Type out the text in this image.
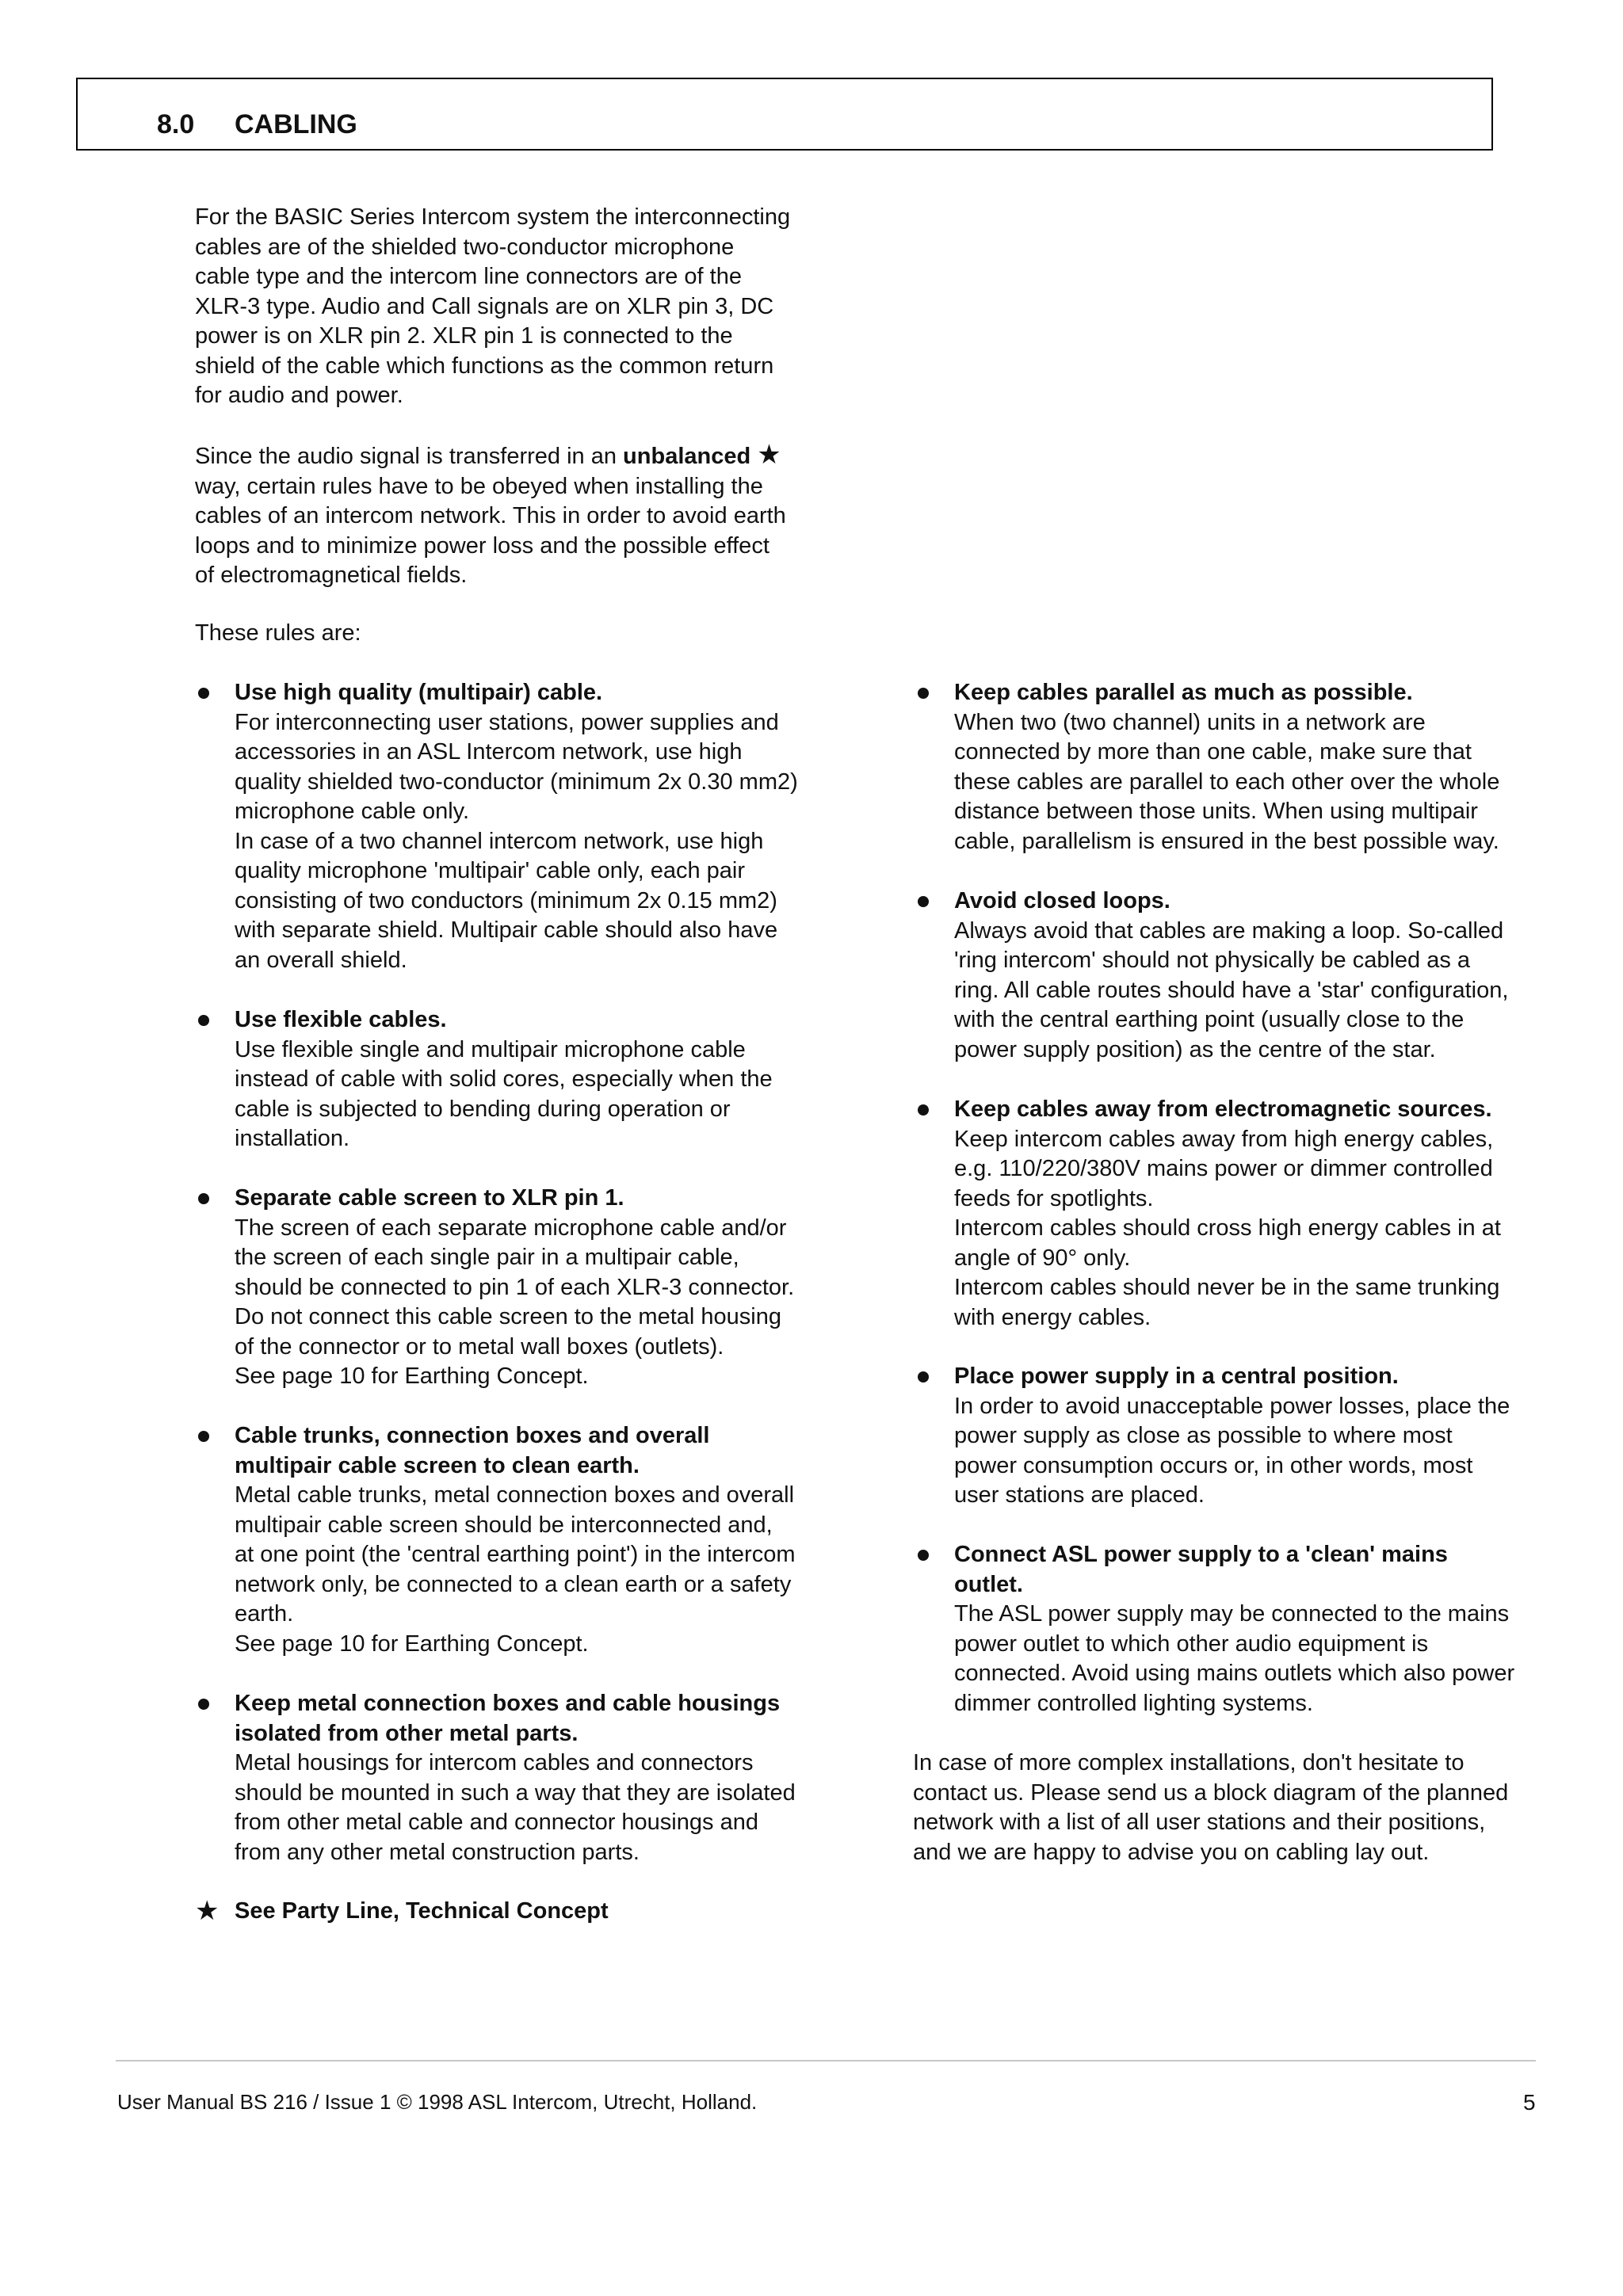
8.0 CABLING
For the BASIC Series Intercom system the interconnecting
cables are of the shielded two-conductor microphone
cable type and the intercom line connectors are of the
XLR-3 type. Audio and Call signals are on XLR pin 3, DC
power is on XLR pin 2. XLR pin 1 is connected to the
shield of the cable which functions as the common return
for audio and power.
Since the audio signal is transferred in an unbalanced ★
way, certain rules have to be obeyed when installing the
cables of an intercom network. This in order to avoid earth
loops and to minimize power loss and the possible effect
of electromagnetical fields.
These rules are:
Use high quality (multipair) cable.
For interconnecting user stations, power supplies and
accessories in an ASL Intercom network, use high
quality shielded two-conductor (minimum 2x 0.30 mm2)
microphone cable only.
In case of a two channel intercom network, use high
quality microphone 'multipair' cable only, each pair
consisting of two conductors (minimum 2x 0.15 mm2)
with separate shield. Multipair cable should also have
an overall shield.
Use flexible cables.
Use flexible single and multipair microphone cable
instead of cable with solid cores, especially when the
cable is subjected to bending during operation or
installation.
Separate cable screen to XLR pin 1.
The screen of each separate microphone cable and/or
the screen of each single pair in a multipair cable,
should be connected to pin 1 of each XLR-3 connector.
Do not connect this cable screen to the metal housing
of the connector or to metal wall boxes (outlets).
See page 10 for Earthing Concept.
Cable trunks, connection boxes and overall
multipair cable screen to clean earth.
Metal cable trunks, metal connection boxes and overall
multipair cable screen should be interconnected and,
at one point (the 'central earthing point') in the intercom
network only, be connected to a clean earth or a safety
earth.
See page 10 for Earthing Concept.
Keep metal connection boxes and cable housings
isolated from other metal parts.
Metal housings for intercom cables and connectors
should be mounted in such a way that they are isolated
from other metal cable and connector housings and
from any other metal construction parts.
★ See Party Line, Technical Concept
Keep cables parallel as much as possible.
When two (two channel) units in a network are
connected by more than one cable, make sure that
these cables are parallel to each other over the whole
distance between those units. When using multipair
cable, parallelism is ensured in the best possible way.
Avoid closed loops.
Always avoid that cables are making a loop. So-called
'ring intercom' should not physically be cabled as a
ring. All cable routes should have a 'star' configuration,
with the central earthing point (usually close to the
power supply position) as the centre of the star.
Keep cables away from electromagnetic sources.
Keep intercom cables away from high energy cables,
e.g. 110/220/380V mains power or dimmer controlled
feeds for spotlights.
Intercom cables should cross high energy cables in at
angle of 90° only.
Intercom cables should never be in the same trunking
with energy cables.
Place power supply in a central position.
In order to avoid unacceptable power losses, place the
power supply as close as possible to where most
power consumption occurs or, in other words, most
user stations are placed.
Connect ASL power supply to a 'clean' mains
outlet.
The ASL power supply may be connected to the mains
power outlet to which other audio equipment is
connected. Avoid using mains outlets which also power
dimmer controlled lighting systems.
In case of more complex installations, don't hesitate to
contact us. Please send us a block diagram of the planned
network with a list of all user stations and their positions,
and we are happy to advise you on cabling lay out.
User Manual BS 216 / Issue 1 © 1998 ASL Intercom, Utrecht, Holland.	5
